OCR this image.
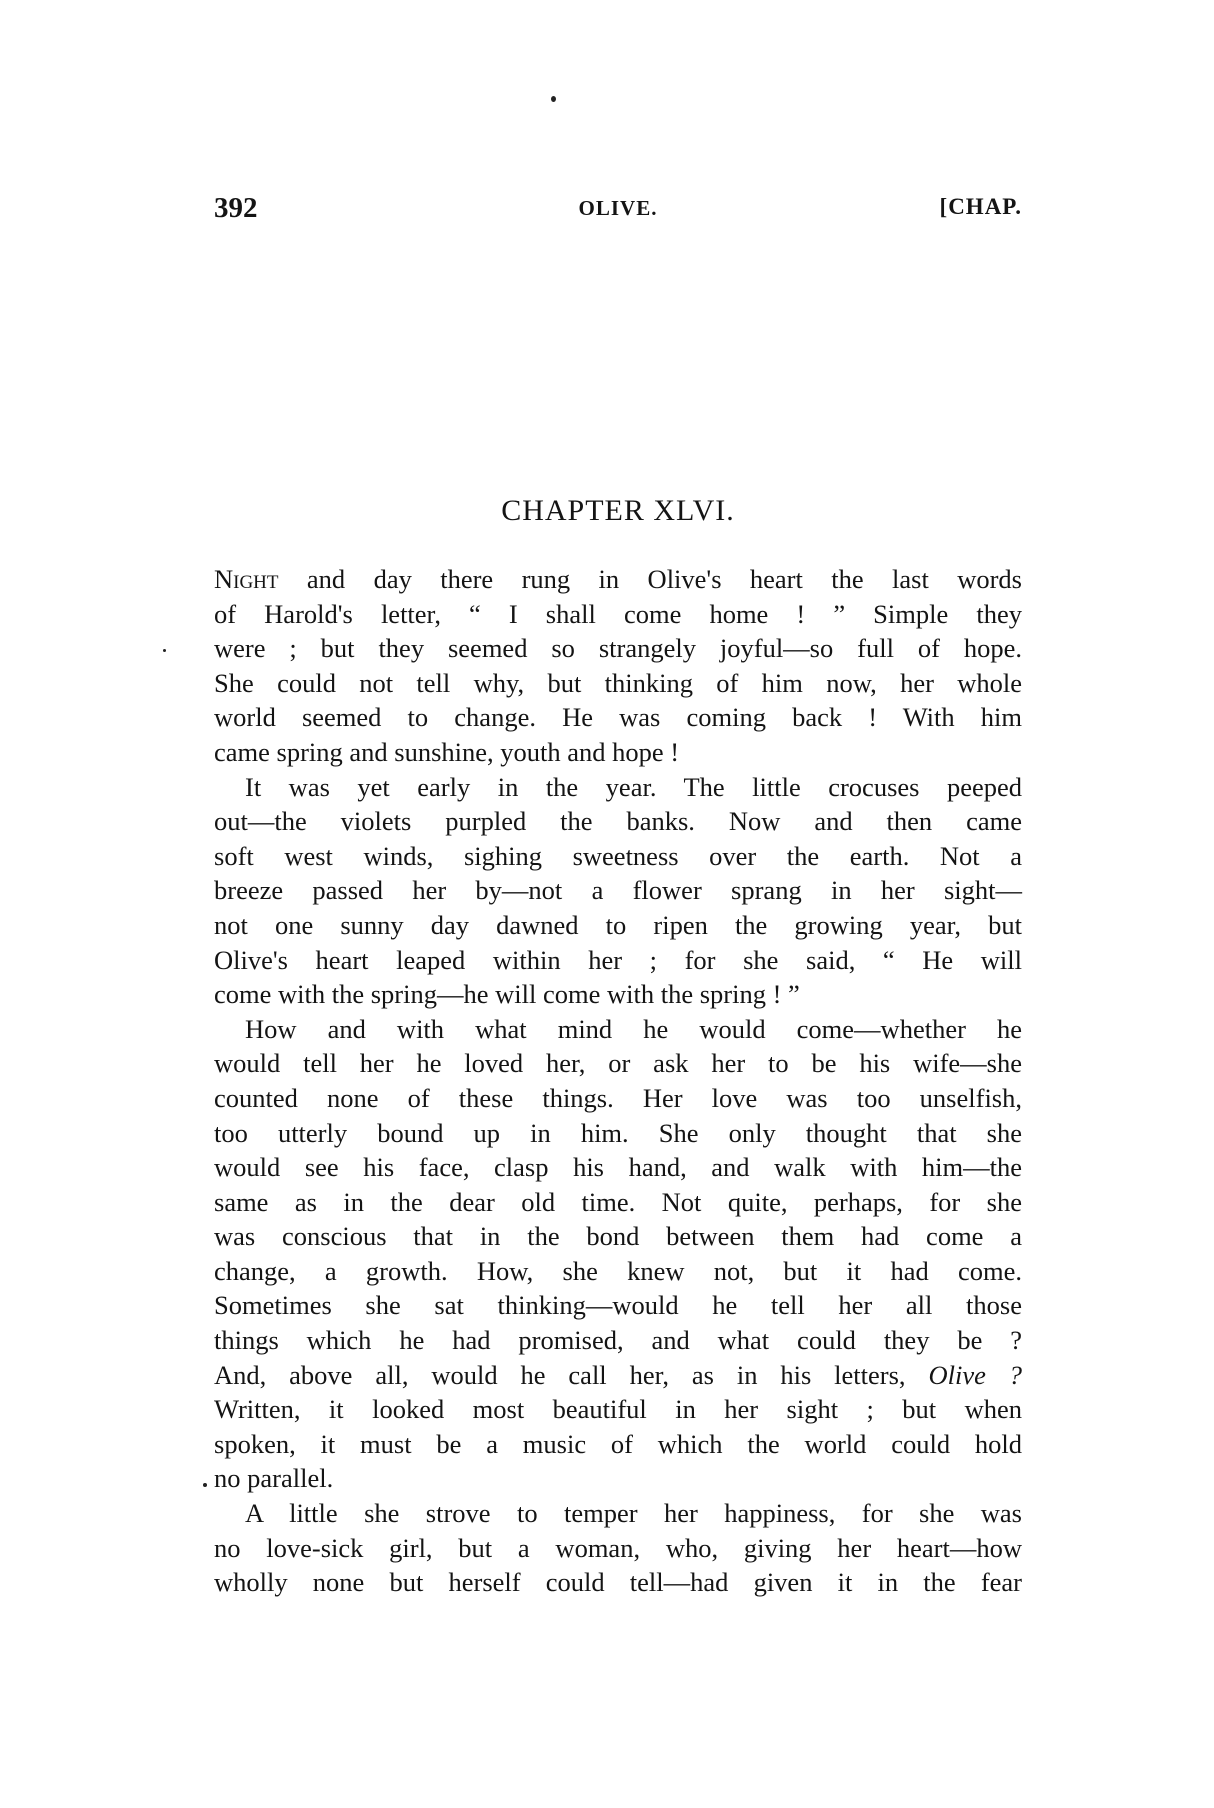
392	OLIVE.	[CHAP.
CHAPTER XLVI.
Night and day there rung in Olive's heart the last words
of Harold's letter, “ I shall come home ! ” Simple they
were ; but they seemed so strangely joyful—so full of hope.
She could not tell why, but thinking of him now, her whole
world seemed to change. He was coming back ! With him
came spring and sunshine, youth and hope !
It was yet early in the year. The little crocuses peeped
out—the violets purpled the banks. Now and then came
soft west winds, sighing sweetness over the earth. Not a
breeze passed her by—not a flower sprang in her sight—
not one sunny day dawned to ripen the growing year, but
Olive's heart leaped within her ; for she said, “ He will
come with the spring—he will come with the spring ! ”
How and with what mind he would come—whether he
would tell her he loved her, or ask her to be his wife—she
counted none of these things. Her love was too unselfish,
too utterly bound up in him. She only thought that she
would see his face, clasp his hand, and walk with him—the
same as in the dear old time. Not quite, perhaps, for she
was conscious that in the bond between them had come a
change, a growth. How, she knew not, but it had come.
Sometimes she sat thinking—would he tell her all those
things which he had promised, and what could they be ?
And, above all, would he call her, as in his letters, Olive ?
Written, it looked most beautiful in her sight ; but when
spoken, it must be a music of which the world could hold
no parallel.
A little she strove to temper her happiness, for she was
no love-sick girl, but a woman, who, giving her heart—how
wholly none but herself could tell—had given it in the fear
